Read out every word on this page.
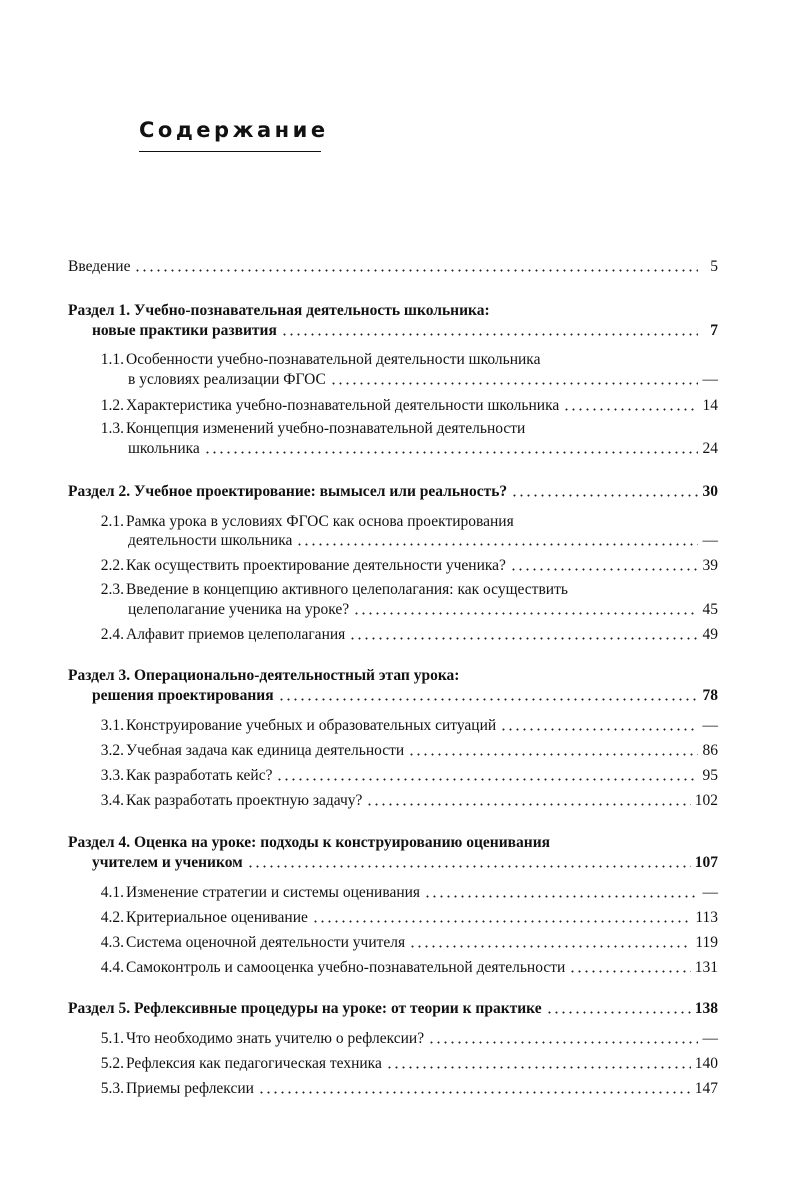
Содержание
Введение	5
Раздел 1. Учебно-познавательная деятельность школьника:
новые практики развития	7
1.1. Особенности учебно-познавательной деятельности школьника
в условиях реализации ФГОС	—
1.2. Характеристика учебно-познавательной деятельности школьника	14
1.3. Концепция изменений учебно-познавательной деятельности
школьника	24
Раздел 2. Учебное проектирование: вымысел или реальность?	30
2.1. Рамка урока в условиях ФГОС как основа проектирования
деятельности школьника	—
2.2. Как осуществить проектирование деятельности ученика?	39
2.3. Введение в концепцию активного целеполагания: как осуществить
целеполагание ученика на уроке?	45
2.4. Алфавит приемов целеполагания	49
Раздел 3. Операционально-деятельностный этап урока:
решения проектирования	78
3.1. Конструирование учебных и образовательных ситуаций	—
3.2. Учебная задача как единица деятельности	86
3.3. Как разработать кейс?	95
3.4. Как разработать проектную задачу?	102
Раздел 4. Оценка на уроке: подходы к конструированию оценивания
учителем и учеником	107
4.1. Изменение стратегии и системы оценивания	—
4.2. Критериальное оценивание	113
4.3. Система оценочной деятельности учителя	119
4.4. Самоконтроль и самооценка учебно-познавательной деятельности	131
Раздел 5. Рефлексивные процедуры на уроке: от теории к практике	138
5.1. Что необходимо знать учителю о рефлексии?	—
5.2. Рефлексия как педагогическая техника	140
5.3. Приемы рефлексии	147
